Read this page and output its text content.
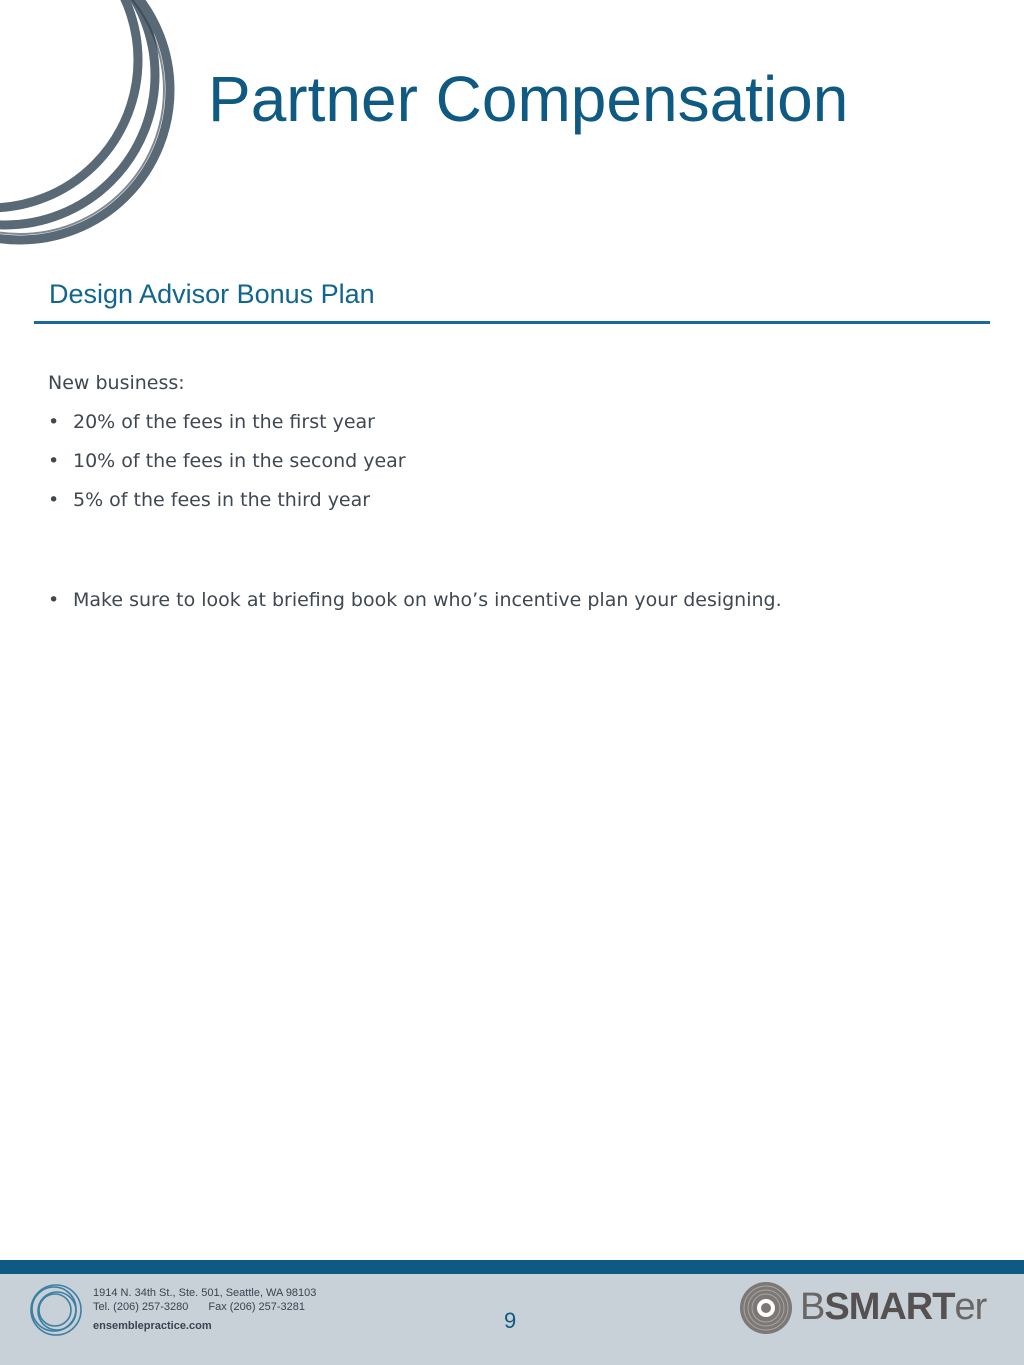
Partner Compensation
Design Advisor Bonus Plan

New business:

• 20% of the fees in the first year
• 10% of the fees in the second year
• 5% of the fees in the third year
• Make sure to look at briefing book on who’s incentive plan your designing.
1914 N. 34th St., Ste. 501, Seattle, WA 98103
Tel. (206) 257-3280 Fax (206) 257-3281
ensemblepractice.com	9	BSMARTer
